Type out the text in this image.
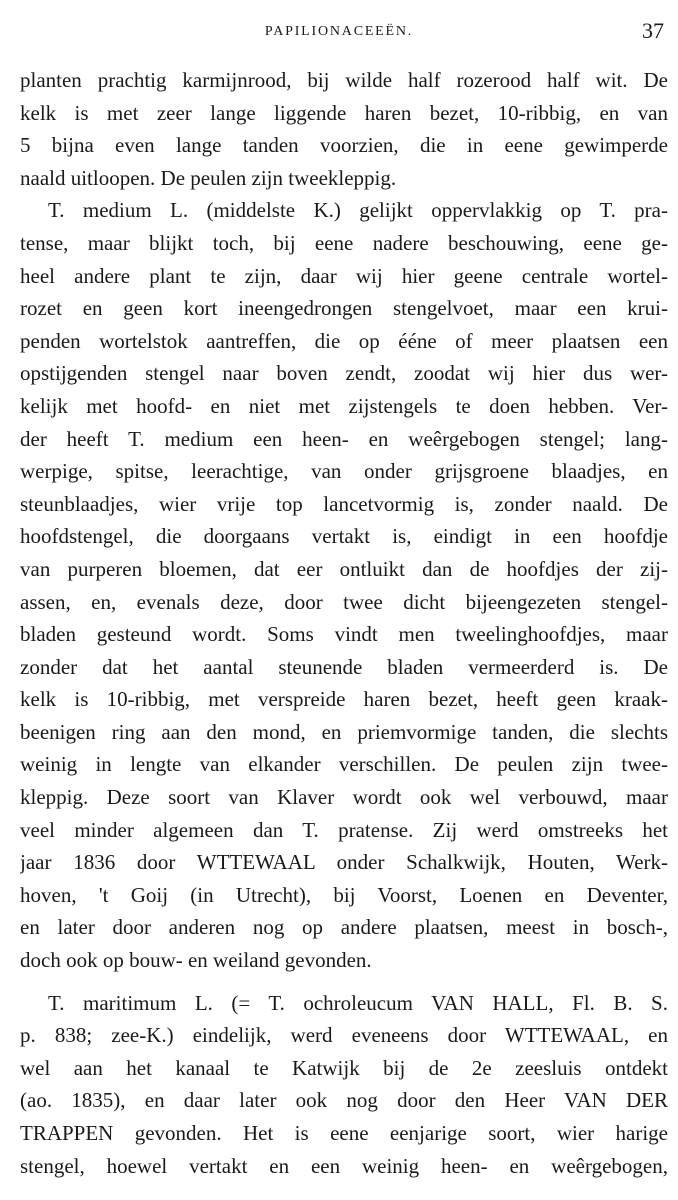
PAPILIONACEEËN.	37
planten prachtig karmijnrood, bij wilde half rozerood half wit. De
kelk is met zeer lange liggende haren bezet, 10-ribbig, en van
5 bijna even lange tanden voorzien, die in eene gewimperde
naald uitloopen. De peulen zijn tweekleppig.
T. medium L. (middelste K.) gelijkt oppervlakkig op T. pra-
tense, maar blijkt toch, bij eene nadere beschouwing, eene ge-
heel andere plant te zijn, daar wij hier geene centrale wortel-
rozet en geen kort ineengedrongen stengelvoet, maar een krui-
penden wortelstok aantreffen, die op ééne of meer plaatsen een
opstijgenden stengel naar boven zendt, zoodat wij hier dus wer-
kelijk met hoofd- en niet met zijstengels te doen hebben. Ver-
der heeft T. medium een heen- en weêrgebogen stengel; lang-
werpige, spitse, leerachtige, van onder grijsgroene blaadjes, en
steunblaadjes, wier vrije top lancetvormig is, zonder naald. De
hoofdstengel, die doorgaans vertakt is, eindigt in een hoofdje
van purperen bloemen, dat eer ontluikt dan de hoofdjes der zij-
assen, en, evenals deze, door twee dicht bijeengezeten stengel-
bladen gesteund wordt. Soms vindt men tweelinghoofdjes, maar
zonder dat het aantal steunende bladen vermeerderd is. De
kelk is 10-ribbig, met verspreide haren bezet, heeft geen kraak-
beenigen ring aan den mond, en priemvormige tanden, die slechts
weinig in lengte van elkander verschillen. De peulen zijn twee-
kleppig. Deze soort van Klaver wordt ook wel verbouwd, maar
veel minder algemeen dan T. pratense. Zij werd omstreeks het
jaar 1836 door WTTEWAAL onder Schalkwijk, Houten, Werk-
hoven, 't Goij (in Utrecht), bij Voorst, Loenen en Deventer,
en later door anderen nog op andere plaatsen, meest in bosch-,
doch ook op bouw- en weiland gevonden.
T. maritimum L. (= T. ochroleucum VAN HALL, Fl. B. S.
p. 838; zee-K.) eindelijk, werd eveneens door WTTEWAAL, en
wel aan het kanaal te Katwijk bij de 2e zeesluis ontdekt
(ao. 1835), en daar later ook nog door den Heer VAN DER
TRAPPEN gevonden. Het is eene eenjarige soort, wier harige
stengel, hoewel vertakt en een weinig heen- en weêrgebogen,
